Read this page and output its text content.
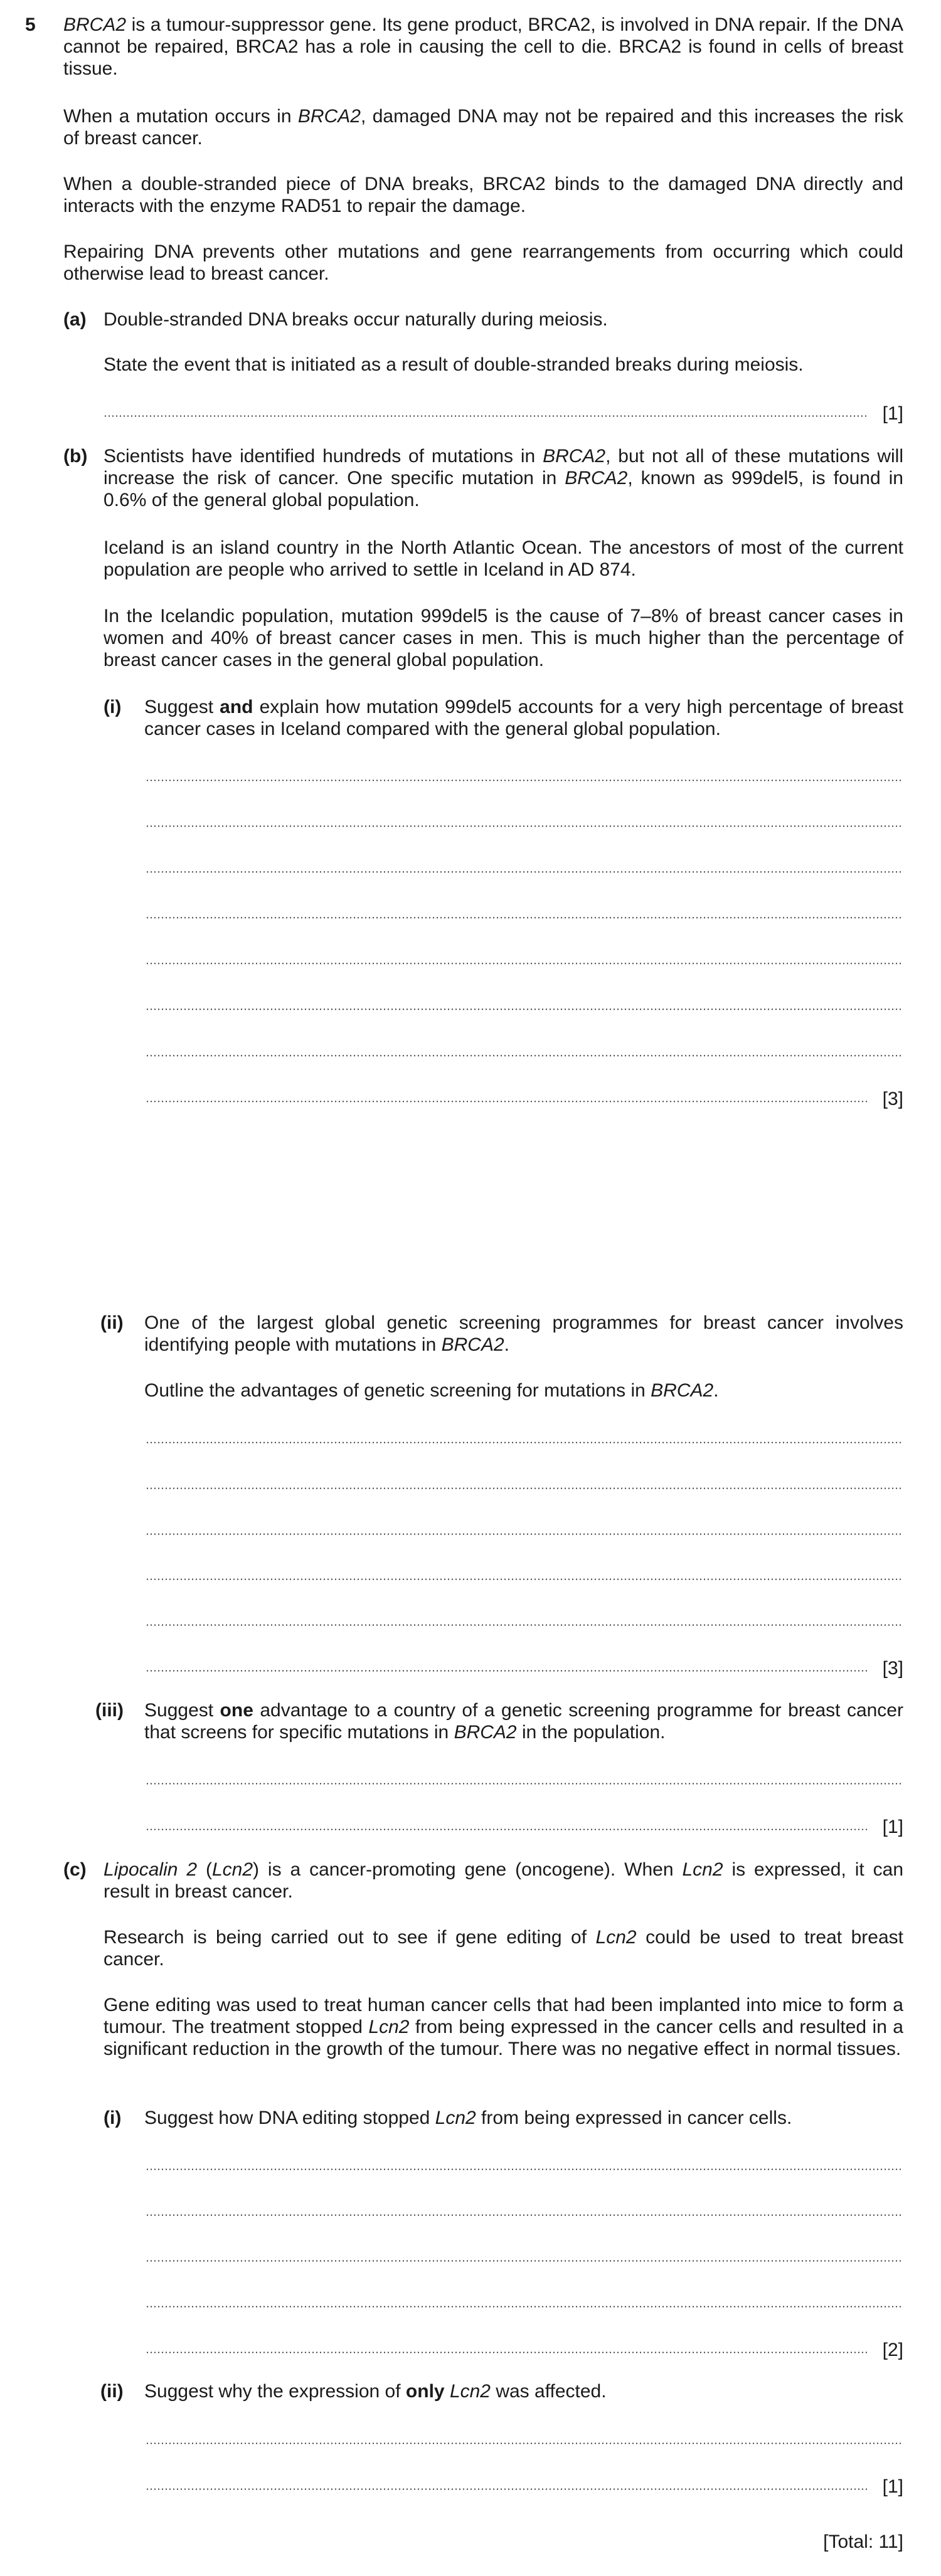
5 BRCA2 is a tumour-suppressor gene. Its gene product, BRCA2, is involved in DNA repair. If the DNA cannot be repaired, BRCA2 has a role in causing the cell to die. BRCA2 is found in cells of breast tissue.
When a mutation occurs in BRCA2, damaged DNA may not be repaired and this increases the risk of breast cancer.
When a double-stranded piece of DNA breaks, BRCA2 binds to the damaged DNA directly and interacts with the enzyme RAD51 to repair the damage.
Repairing DNA prevents other mutations and gene rearrangements from occurring which could otherwise lead to breast cancer.
(a) Double-stranded DNA breaks occur naturally during meiosis.
State the event that is initiated as a result of double-stranded breaks during meiosis.
[1]
(b) Scientists have identified hundreds of mutations in BRCA2, but not all of these mutations will increase the risk of cancer. One specific mutation in BRCA2, known as 999del5, is found in 0.6% of the general global population.
Iceland is an island country in the North Atlantic Ocean. The ancestors of most of the current population are people who arrived to settle in Iceland in AD 874.
In the Icelandic population, mutation 999del5 is the cause of 7–8% of breast cancer cases in women and 40% of breast cancer cases in men. This is much higher than the percentage of breast cancer cases in the general global population.
(i) Suggest and explain how mutation 999del5 accounts for a very high percentage of breast cancer cases in Iceland compared with the general global population.
[3]
(ii) One of the largest global genetic screening programmes for breast cancer involves identifying people with mutations in BRCA2.
Outline the advantages of genetic screening for mutations in BRCA2.
[3]
(iii) Suggest one advantage to a country of a genetic screening programme for breast cancer that screens for specific mutations in BRCA2 in the population.
[1]
(c) Lipocalin 2 (Lcn2) is a cancer-promoting gene (oncogene). When Lcn2 is expressed, it can result in breast cancer.
Research is being carried out to see if gene editing of Lcn2 could be used to treat breast cancer.
Gene editing was used to treat human cancer cells that had been implanted into mice to form a tumour. The treatment stopped Lcn2 from being expressed in the cancer cells and resulted in a significant reduction in the growth of the tumour. There was no negative effect in normal tissues.
(i) Suggest how DNA editing stopped Lcn2 from being expressed in cancer cells.
[2]
(ii) Suggest why the expression of only Lcn2 was affected.
[1]
[Total: 11]
